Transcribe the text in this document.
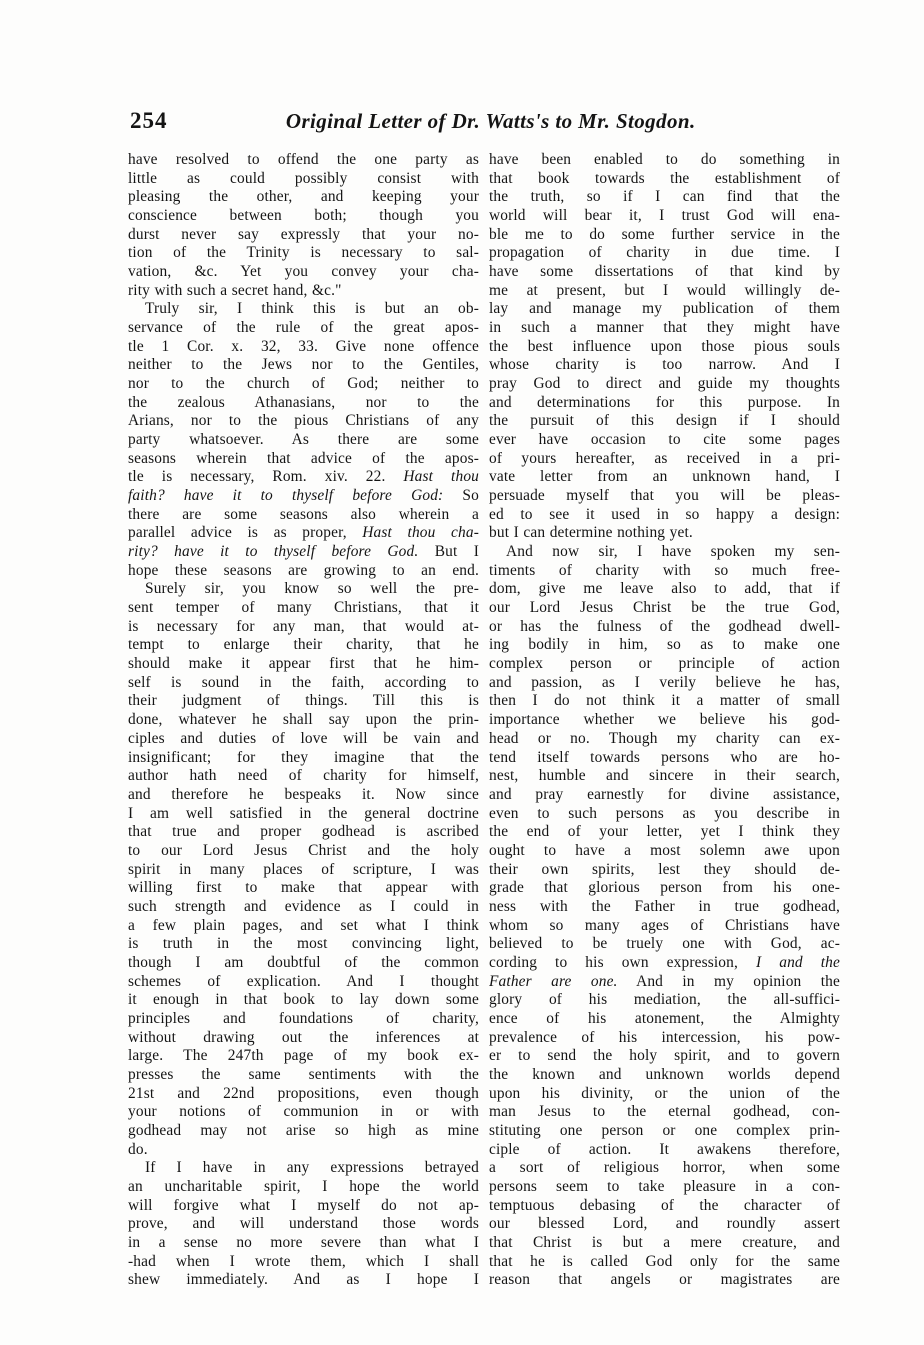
254	Original Letter of Dr. Watts's to Mr. Stogdon.
have resolved to offend the one party as
little as could possibly consist with
pleasing the other, and keeping your
conscience between both; though you
durst never say expressly that your no-
tion of the Trinity is necessary to sal-
vation, &c. Yet you convey your cha-
rity with such a secret hand, &c."
Truly sir, I think this is but an ob-
servance of the rule of the great apos-
tle 1 Cor. x. 32, 33. Give none offence
neither to the Jews nor to the Gentiles,
nor to the church of God; neither to
the zealous Athanasians, nor to the
Arians, nor to the pious Christians of any
party whatsoever. As there are some
seasons wherein that advice of the apos-
tle is necessary, Rom. xiv. 22. Hast thou
faith? have it to thyself before God: So
there are some seasons also wherein a
parallel advice is as proper, Hast thou cha-
rity? have it to thyself before God. But I
hope these seasons are growing to an end.
Surely sir, you know so well the pre-
sent temper of many Christians, that it
is necessary for any man, that would at-
tempt to enlarge their charity, that he
should make it appear first that he him-
self is sound in the faith, according to
their judgment of things. Till this is
done, whatever he shall say upon the prin-
ciples and duties of love will be vain and
insignificant; for they imagine that the
author hath need of charity for himself,
and therefore he bespeaks it. Now since
I am well satisfied in the general doctrine
that true and proper godhead is ascribed
to our Lord Jesus Christ and the holy
spirit in many places of scripture, I was
willing first to make that appear with
such strength and evidence as I could in
a few plain pages, and set what I think
is truth in the most convincing light,
though I am doubtful of the common
schemes of explication. And I thought
it enough in that book to lay down some
principles and foundations of charity,
without drawing out the inferences at
large. The 247th page of my book ex-
presses the same sentiments with the
21st and 22nd propositions, even though
your notions of communion in or with
godhead may not arise so high as mine
do.
If I have in any expressions betrayed
an uncharitable spirit, I hope the world
will forgive what I myself do not ap-
prove, and will understand those words
in a sense no more severe than what I
-had when I wrote them, which I shall
shew immediately. And as I hope I
have been enabled to do something in
that book towards the establishment of
the truth, so if I can find that the
world will bear it, I trust God will ena-
ble me to do some further service in the
propagation of charity in due time. I
have some dissertations of that kind by
me at present, but I would willingly de-
lay and manage my publication of them
in such a manner that they might have
the best influence upon those pious souls
whose charity is too narrow. And I
pray God to direct and guide my thoughts
and determinations for this purpose. In
the pursuit of this design if I should
ever have occasion to cite some pages
of yours hereafter, as received in a pri-
vate letter from an unknown hand, I
persuade myself that you will be pleas-
ed to see it used in so happy a design:
but I can determine nothing yet.
And now sir, I have spoken my sen-
timents of charity with so much free-
dom, give me leave also to add, that if
our Lord Jesus Christ be the true God,
or has the fulness of the godhead dwell-
ing bodily in him, so as to make one
complex person or principle of action
and passion, as I verily believe he has,
then I do not think it a matter of small
importance whether we believe his god-
head or no. Though my charity can ex-
tend itself towards persons who are ho-
nest, humble and sincere in their search,
and pray earnestly for divine assistance,
even to such persons as you describe in
the end of your letter, yet I think they
ought to have a most solemn awe upon
their own spirits, lest they should de-
grade that glorious person from his one-
ness with the Father in true godhead,
whom so many ages of Christians have
believed to be truely one with God, ac-
cording to his own expression, I and the
Father are one. And in my opinion the
glory of his mediation, the all-suffici-
ence of his atonement, the Almighty
prevalence of his intercession, his pow-
er to send the holy spirit, and to govern
the known and unknown worlds depend
upon his divinity, or the union of the
man Jesus to the eternal godhead, con-
stituting one person or one complex prin-
ciple of action. It awakens therefore,
a sort of religious horror, when some
persons seem to take pleasure in a con-
temptuous debasing of the character of
our blessed Lord, and roundly assert
that Christ is but a mere creature, and
that he is called God only for the same
reason that angels or magistrates are
